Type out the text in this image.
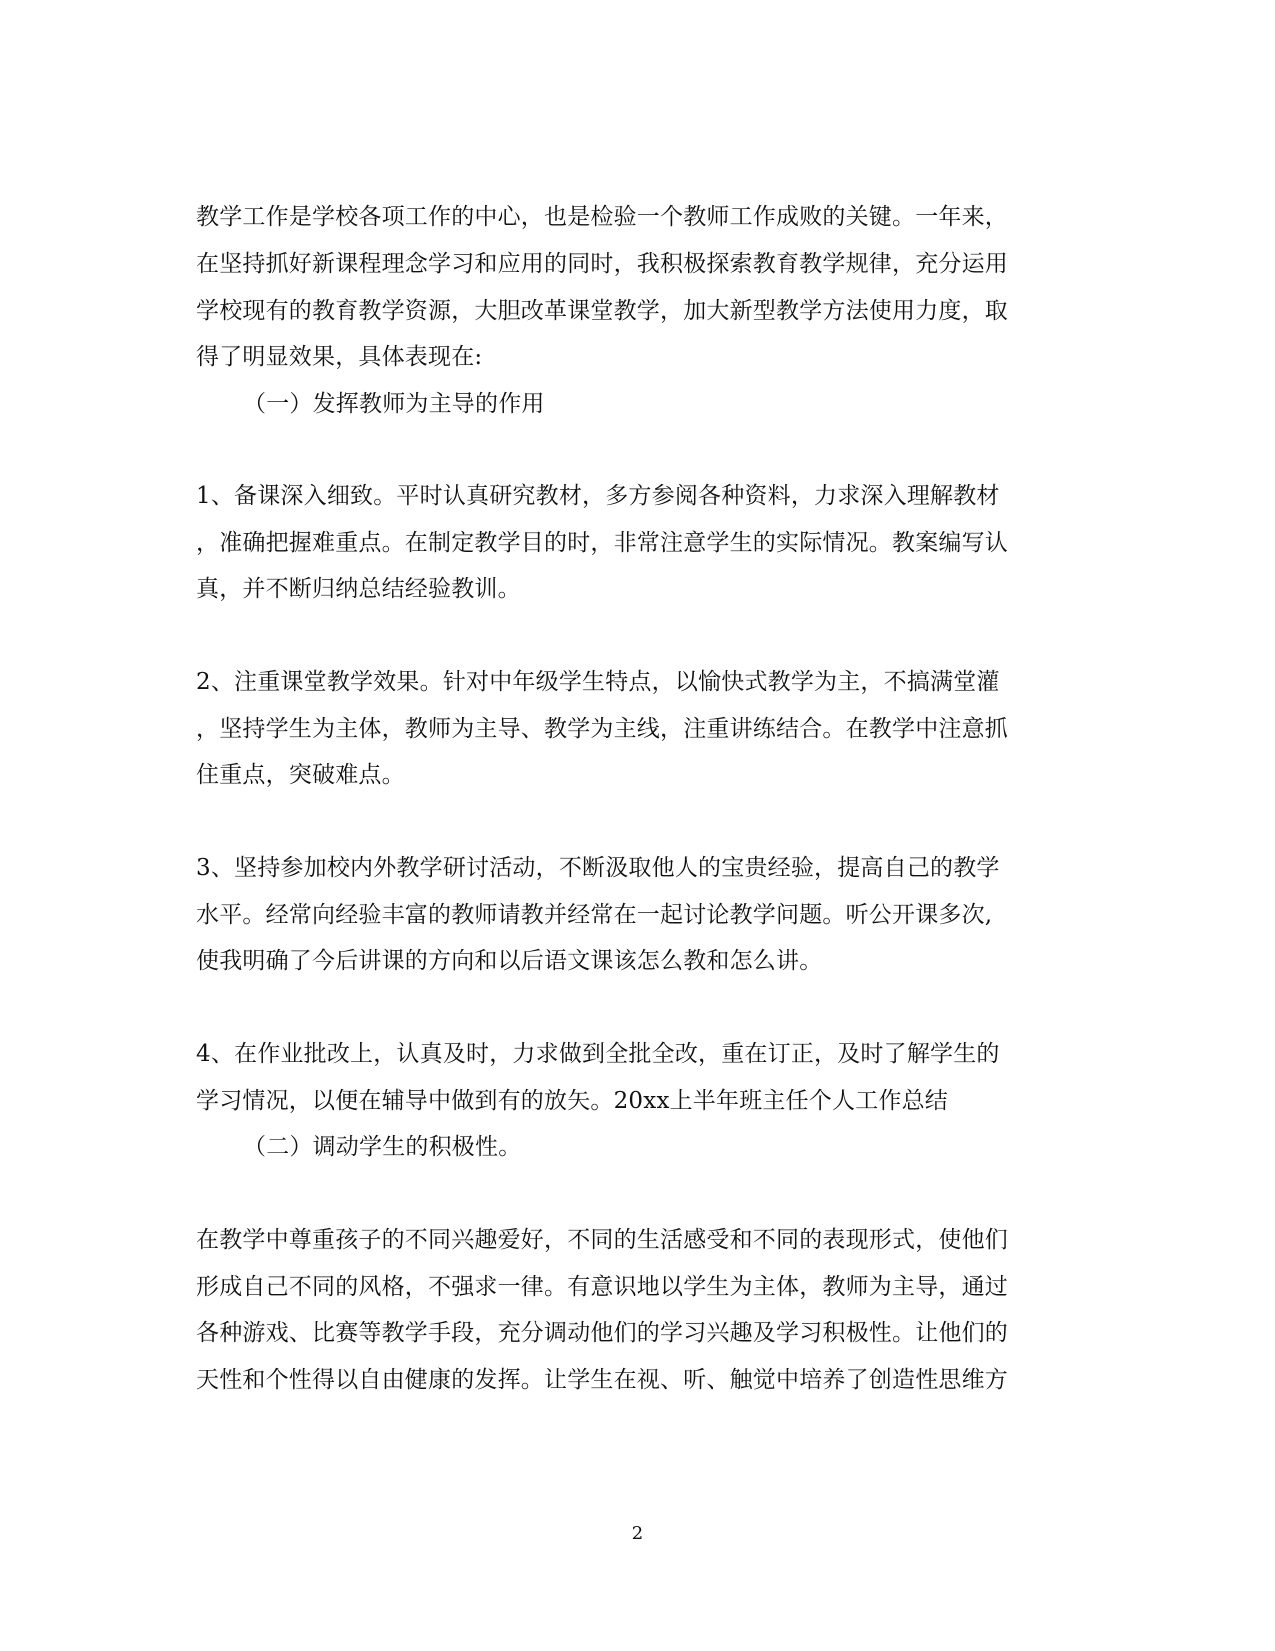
教学工作是学校各项工作的中心，也是检验一个教师工作成败的关键。一年来，
在坚持抓好新课程理念学习和应用的同时，我积极探索教育教学规律，充分运用
学校现有的教育教学资源，大胆改革课堂教学，加大新型教学方法使用力度，取
得了明显效果，具体表现在:
（一）发挥教师为主导的作用
1、备课深入细致。平时认真研究教材，多方参阅各种资料，力求深入理解教材
，准确把握难重点。在制定教学目的时，非常注意学生的实际情况。教案编写认
真，并不断归纳总结经验教训。
2、注重课堂教学效果。针对中年级学生特点，以愉快式教学为主，不搞满堂灌
，坚持学生为主体，教师为主导、教学为主线，注重讲练结合。在教学中注意抓
住重点，突破难点。
3、坚持参加校内外教学研讨活动，不断汲取他人的宝贵经验，提高自己的教学
水平。经常向经验丰富的教师请教并经常在一起讨论教学问题。听公开课多次,
使我明确了今后讲课的方向和以后语文课该怎么教和怎么讲。
4、在作业批改上，认真及时，力求做到全批全改，重在订正，及时了解学生的
学习情况，以便在辅导中做到有的放矢。20xx上半年班主任个人工作总结
（二）调动学生的积极性。
在教学中尊重孩子的不同兴趣爱好，不同的生活感受和不同的表现形式，使他们
形成自己不同的风格，不强求一律。有意识地以学生为主体，教师为主导，通过
各种游戏、比赛等教学手段，充分调动他们的学习兴趣及学习积极性。让他们的
天性和个性得以自由健康的发挥。让学生在视、听、触觉中培养了创造性思维方
2
